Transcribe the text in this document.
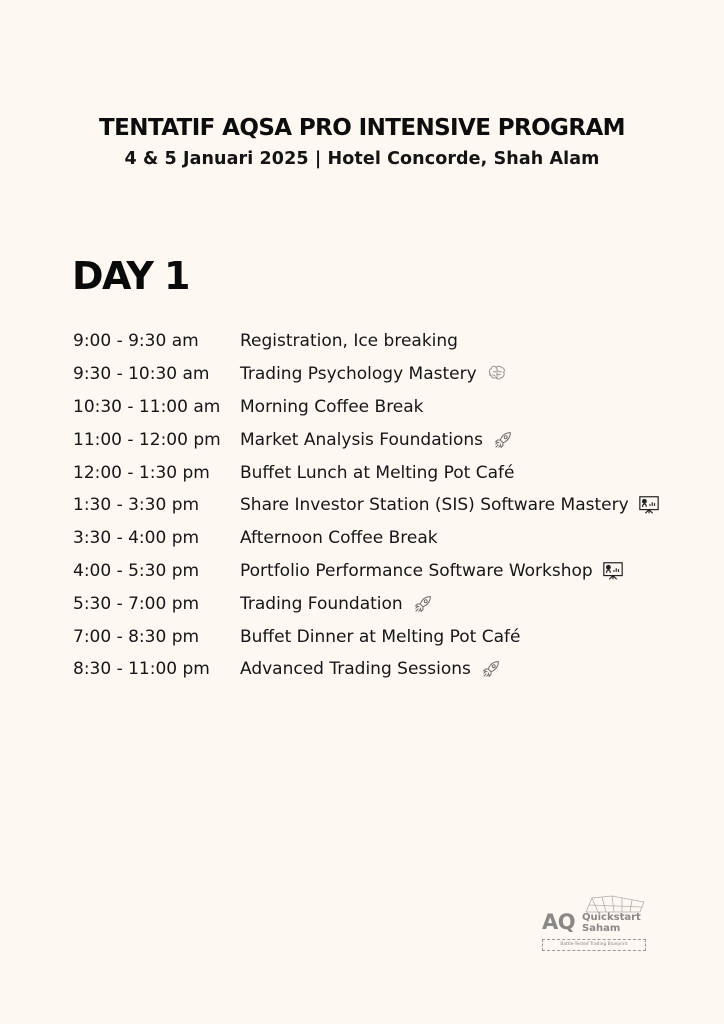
TENTATIF AQSA PRO INTENSIVE PROGRAM
4 & 5 Januari 2025 | Hotel Concorde, Shah Alam
DAY 1
9:00 - 9:30 am	Registration, Ice breaking
9:30 - 10:30 am	Trading Psychology Mastery
10:30 - 11:00 am	Morning Coffee Break
11:00 - 12:00 pm	Market Analysis Foundations
12:00 - 1:30 pm	Buffet Lunch at Melting Pot Café
1:30 - 3:30 pm	Share Investor Station (SIS) Software Mastery
3:30 - 4:00 pm	Afternoon Coffee Break
4:00 - 5:30 pm	Portfolio Performance Software Workshop
5:30 - 7:00 pm	Trading Foundation
7:00 - 8:30 pm	Buffet Dinner at Melting Pot Café
8:30 - 11:00 pm	Advanced Trading Sessions
AQ Quickstart
Saham
Battle-Tested Trading Blueprint
